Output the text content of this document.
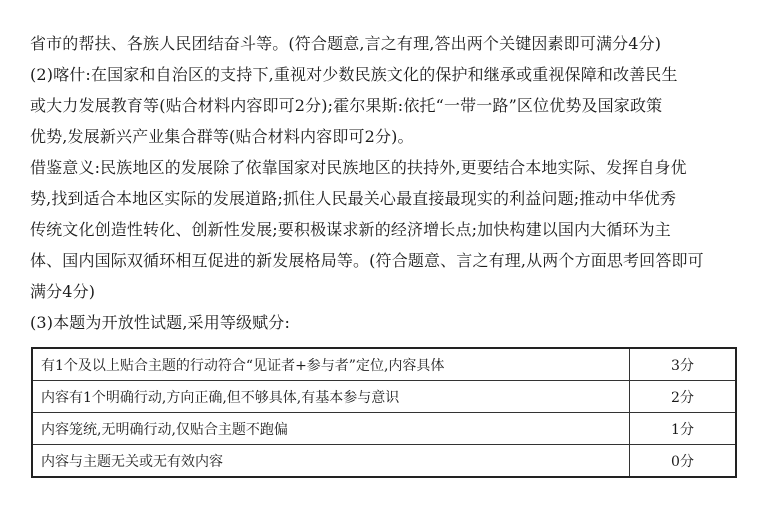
省市的帮扶、各族人民团结奋斗等。(符合题意,言之有理,答出两个关键因素即可满分4分)
(2)喀什:在国家和自治区的支持下,重视对少数民族文化的保护和继承或重视保障和改善民生
或大力发展教育等(贴合材料内容即可2分);霍尔果斯:依托“一带一路”区位优势及国家政策
优势,发展新兴产业集合群等(贴合材料内容即可2分)。
借鉴意义:民族地区的发展除了依靠国家对民族地区的扶持外,更要结合本地实际、发挥自身优
势,找到适合本地区实际的发展道路;抓住人民最关心最直接最现实的利益问题;推动中华优秀
传统文化创造性转化、创新性发展;要积极谋求新的经济增长点;加快构建以国内大循环为主
体、国内国际双循环相互促进的新发展格局等。(符合题意、言之有理,从两个方面思考回答即可
满分4分)
(3)本题为开放性试题,采用等级赋分:
有1个及以上贴合主题的行动符合“见证者+参与者”定位,内容具体	3分
内容有1个明确行动,方向正确,但不够具体,有基本参与意识	2分
内容笼统,无明确行动,仅贴合主题不跑偏	1分
内容与主题无关或无有效内容	0分
